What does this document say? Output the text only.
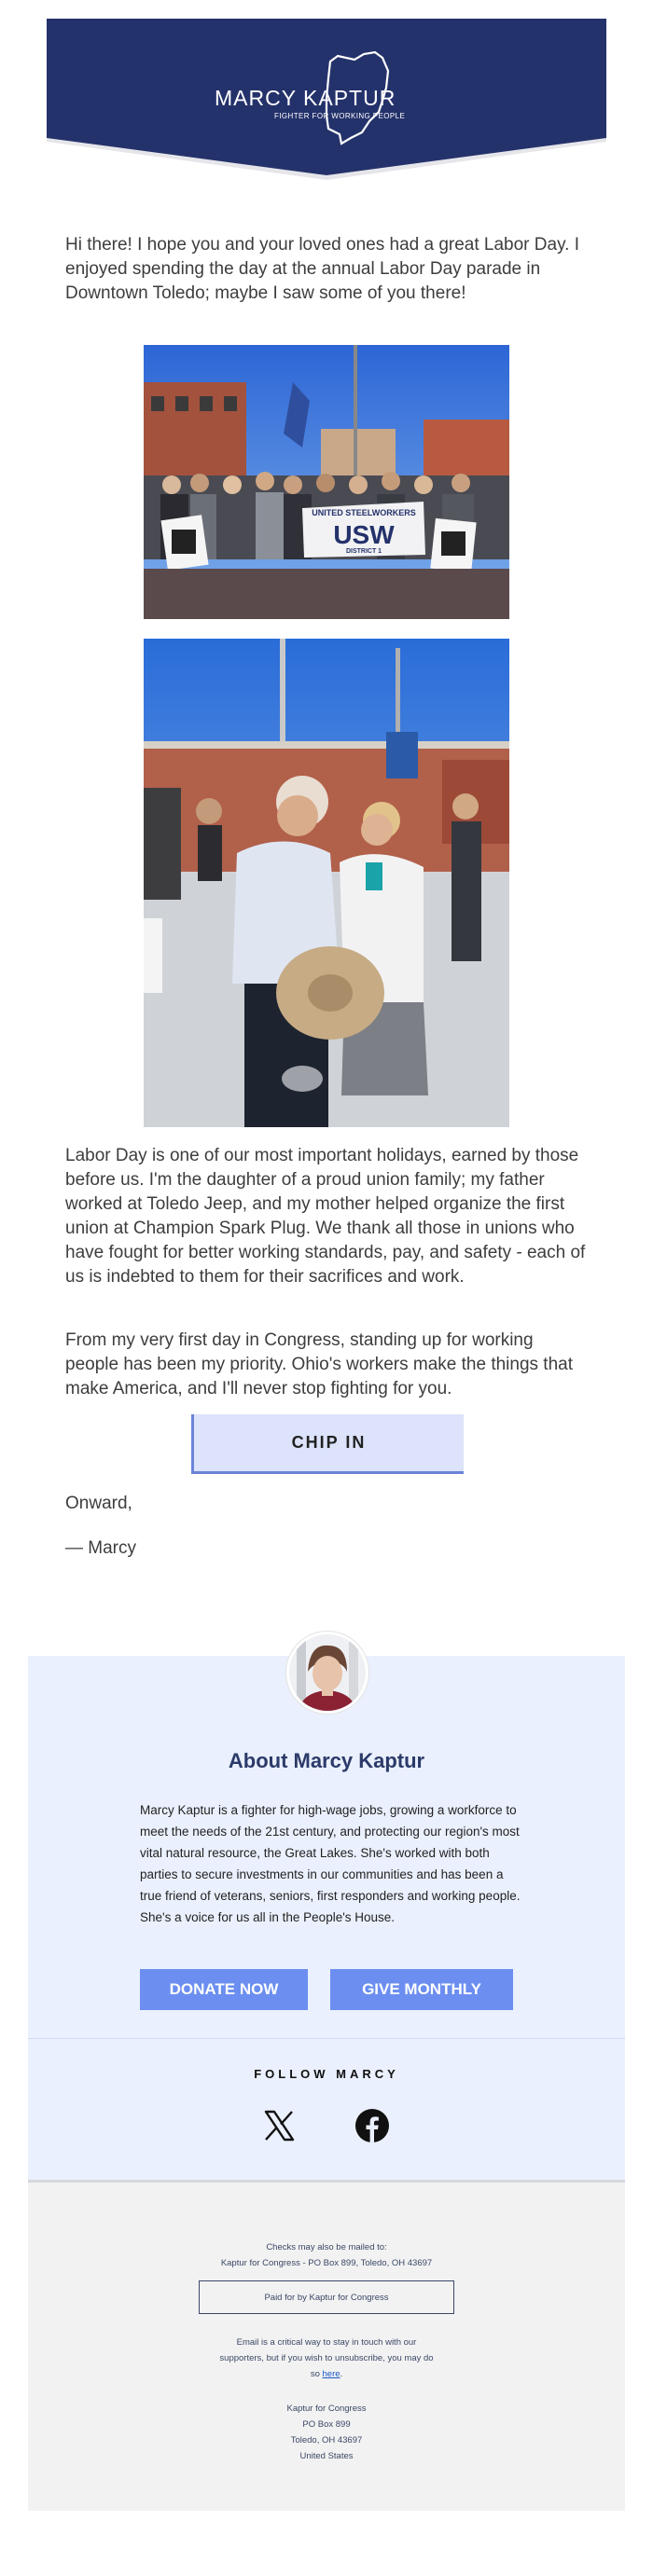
MARCY KAPTUR
FIGHTER FOR WORKING PEOPLE

Hi there! I hope you and your loved ones had a great Labor Day. I enjoyed spending the day at the annual Labor Day parade in Downtown Toledo; maybe I saw some of you there!

UNITED STEELWORKERS
USW
DISTRICT 1

Labor Day is one of our most important holidays, earned by those before us. I'm the daughter of a proud union family; my father worked at Toledo Jeep, and my mother helped organize the first union at Champion Spark Plug. We thank all those in unions who have fought for better working standards, pay, and safety - each of us is indebted to them for their sacrifices and work.

From my very first day in Congress, standing up for working people has been my priority. Ohio's workers make the things that make America, and I'll never stop fighting for you.

CHIP IN

Onward,

— Marcy

About Marcy Kaptur

Marcy Kaptur is a fighter for high-wage jobs, growing a workforce to meet the needs of the 21st century, and protecting our region's most vital natural resource, the Great Lakes. She's worked with both parties to secure investments in our communities and has been a true friend of veterans, seniors, first responders and working people. She's a voice for us all in the People's House.

DONATE NOW	GIVE MONTHLY
FOLLOW MARCY
Checks may also be mailed to:
Kaptur for Congress - PO Box 899, Toledo, OH 43697
Paid for by Kaptur for Congress
Email is a critical way to stay in touch with our
supporters, but if you wish to unsubscribe, you may do
so here.
Kaptur for Congress
PO Box 899
Toledo, OH 43697
United States
